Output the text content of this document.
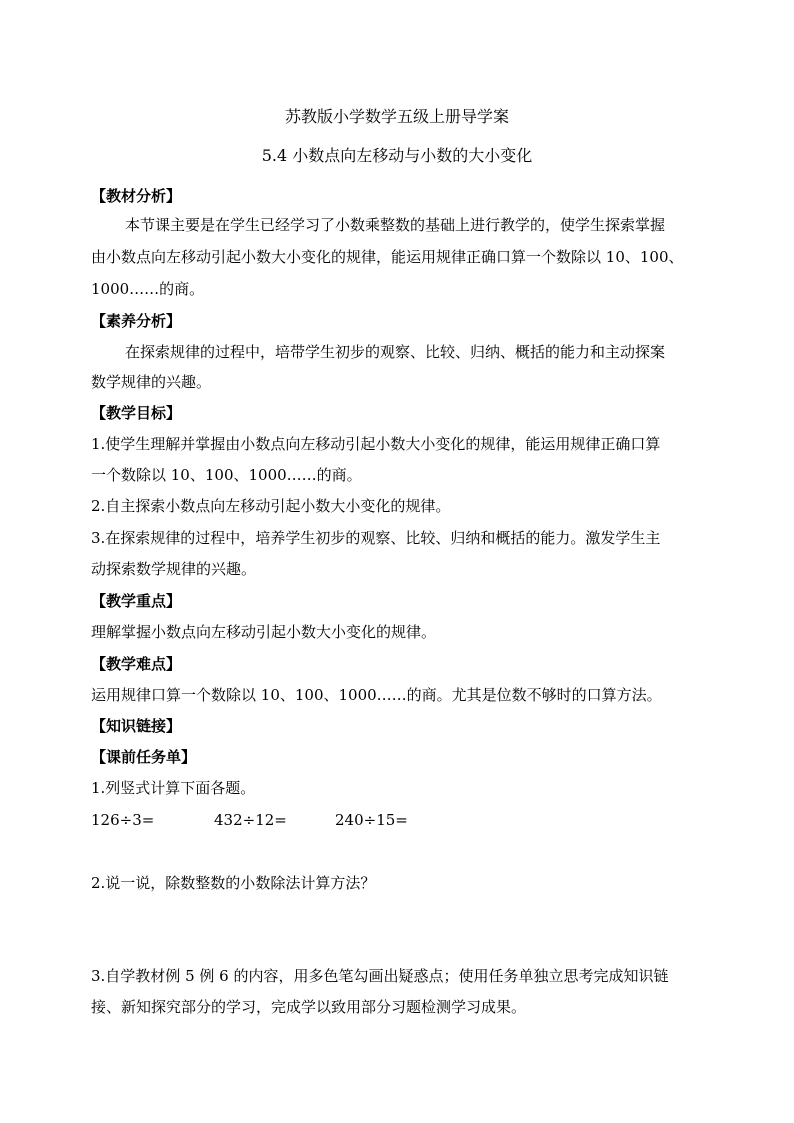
苏教版小学数学五级上册导学案
5.4 小数点向左移动与小数的大小变化
【教材分析】
本节课主要是在学生已经学习了小数乘整数的基础上进行教学的，使学生探索掌握
由小数点向左移动引起小数大小变化的规律，能运用规律正确口算一个数除以 10、100、
1000……的商。
【素养分析】
在探索规律的过程中，培带学生初步的观察、比较、归纳、概括的能力和主动探案
数学规律的兴趣。
【教学目标】
1.使学生理解并掌握由小数点向左移动引起小数大小变化的规律，能运用规律正确口算
一个数除以 10、100、1000……的商。
2.自主探索小数点向左移动引起小数大小变化的规律。
3.在探索规律的过程中，培养学生初步的观察、比较、归纳和概括的能力。激发学生主
动探索数学规律的兴趣。
【教学重点】
理解掌握小数点向左移动引起小数大小变化的规律。
【教学难点】
运用规律口算一个数除以 10、100、1000……的商。尤其是位数不够时的口算方法。
【知识链接】
【课前任务单】
1.列竖式计算下面各题。
126÷3=	432÷12=	240÷15=
2.说一说，除数整数的小数除法计算方法？
3.自学教材例 5 例 6 的内容，用多色笔勾画出疑惑点；使用任务单独立思考完成知识链
接、新知探究部分的学习，完成学以致用部分习题检测学习成果。
